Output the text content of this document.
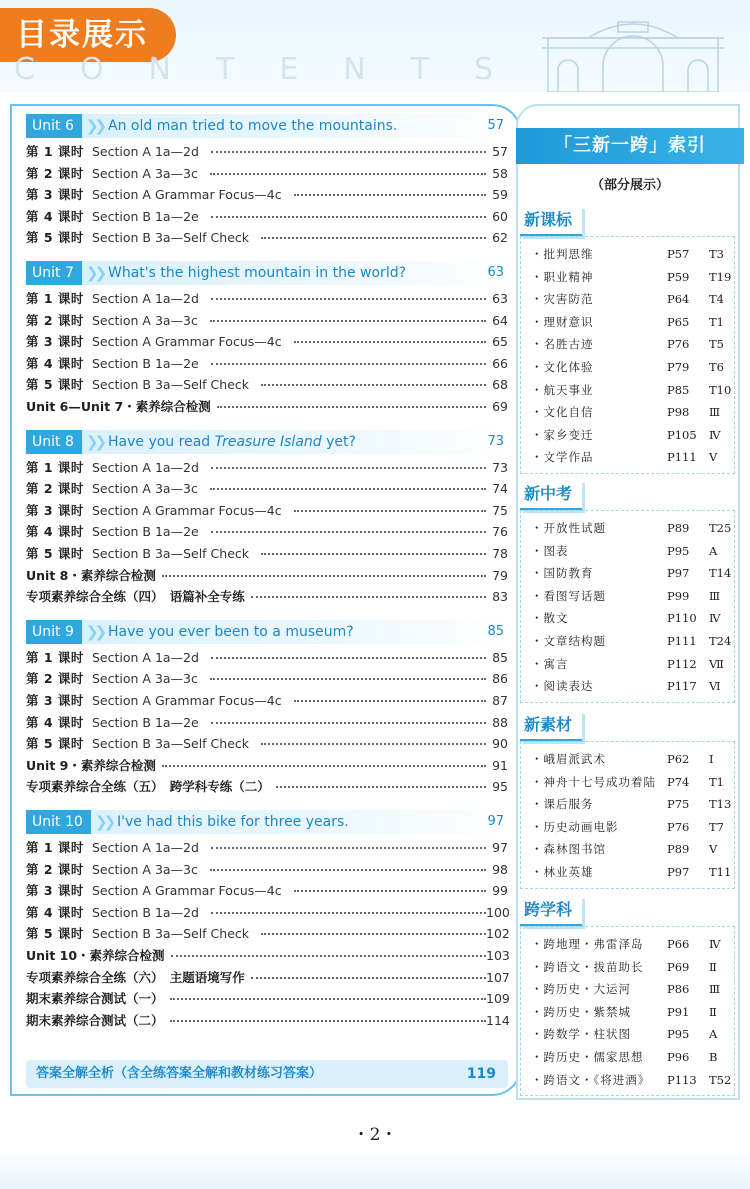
目录展示
CONTENTS
Unit 6 ❯❯ An old man tried to move the mountains.	57
第 1 课时 Section A 1a—2d	57
第 2 课时 Section A 3a—3c	58
第 3 课时 Section A Grammar Focus—4c	59
第 4 课时 Section B 1a—2e	60
第 5 课时 Section B 3a—Self Check	62
Unit 7 ❯❯ What's the highest mountain in the world?	63
第 1 课时 Section A 1a—2d	63
第 2 课时 Section A 3a—3c	64
第 3 课时 Section A Grammar Focus—4c	65
第 4 课时 Section B 1a—2e	66
第 5 课时 Section B 3a—Self Check	68
Unit 6—Unit 7・素养综合检测	69
Unit 8 ❯❯ Have you read Treasure Island yet?	73
第 1 课时 Section A 1a—2d	73
第 2 课时 Section A 3a—3c	74
第 3 课时 Section A Grammar Focus—4c	75
第 4 课时 Section B 1a—2e	76
第 5 课时 Section B 3a—Self Check	78
Unit 8・素养综合检测	79
专项素养综合全练（四）　语篇补全专练	83
Unit 9 ❯❯ Have you ever been to a museum?	85
第 1 课时 Section A 1a—2d	85
第 2 课时 Section A 3a—3c	86
第 3 课时 Section A Grammar Focus—4c	87
第 4 课时 Section B 1a—2e	88
第 5 课时 Section B 3a—Self Check	90
Unit 9・素养综合检测	91
专项素养综合全练（五）　跨学科专练（二）	95
Unit 10 ❯❯ I've had this bike for three years.	97
第 1 课时 Section A 1a—2d	97
第 2 课时 Section A 3a—3c	98
第 3 课时 Section A Grammar Focus—4c	99
第 4 课时 Section B 1a—2d	100
第 5 课时 Section B 3a—Self Check	102
Unit 10・素养综合检测	103
专项素养综合全练（六）　主题语境写作	107
期末素养综合测试（一）	109
期末素养综合测试（二）	114
答案全解全析（含全练答案全解和教材练习答案）	119
「三新一跨」索引
（部分展示）
新课标
・批判思维	P57 T3
・职业精神	P59 T19
・灾害防范	P64 T4
・理财意识	P65 T1
・名胜古迹	P76 T5
・文化体验	P79 T6
・航天事业	P85 T10
・文化自信	P98 Ⅲ
・家乡变迁	P105 Ⅳ
・文学作品	P111 Ⅴ
新中考
・开放性试题	P89 T25
・图表	P95 A
・国防教育	P97 T14
・看图写话题	P99 Ⅲ
・散文	P110 Ⅳ
・文章结构题	P111 T24
・寓言	P112 Ⅶ
・阅读表达	P117 Ⅵ
新素材
・峨眉派武术	P62 Ⅰ
・神舟十七号成功着陆 P74 T1
・课后服务	P75 T13
・历史动画电影	P76 T7
・森林图书馆	P89 Ⅴ
・林业英雄	P97 T11
跨学科
・跨地理・弗雷泽岛 P66 Ⅳ
・跨语文・拔苗助长 P69 Ⅱ
・跨历史・大运河	P86 Ⅲ
・跨历史・紫禁城	P91 Ⅱ
・跨数学・柱状图	P95 A
・跨历史・儒家思想 P96 B
・跨语文・《将进酒》 P113 T52
・2・
